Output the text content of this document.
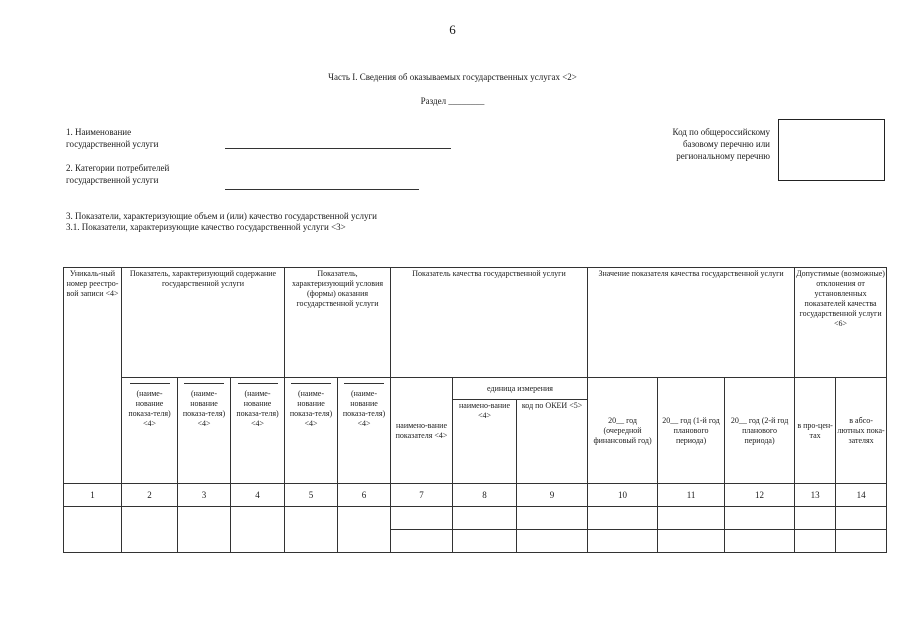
6
Часть I. Сведения об оказываемых государственных услугах <2>
Раздел ________
1. Наименование
государственной услуги
2. Категории потребителей
государственной услуги
Код по общероссийскому
базовому перечню или
региональному перечню
3. Показатели, характеризующие объем и (или) качество государственной услуги
3.1. Показатели, характеризующие качество государственной услуги <3>
Уникаль-ный номер реестро-вой записи <4>	Показатель, характеризующий содержание государственной услуги			Показатель, характеризующий условия (формы) оказания государственной услуги		Показатель качества государственной услуги			Значение показателя качества государственной услуги			Допустимые (возможные) отклонения от установленных показателей качества государственной услуги <6>	

	(наиме-нование показа-теля) <4>	(наиме-нование показа-теля) <4>	(наиме-нование показа-теля) <4>	(наиме-нование показа-теля) <4>	(наиме-нование показа-теля) <4>	наимено-вание показателя <4>	единица измерения		20__ год (очередной финансовый год)	20__ год (1-й год планового периода)	20__ год (2-й год планового периода)	в про-цен-тах	в абсо-лютных пока-зателях
							наимено-вание <4>	код по ОКЕИ <5>					
1	2	3	4	5	6	7	8	9	10	11	12	13	14
